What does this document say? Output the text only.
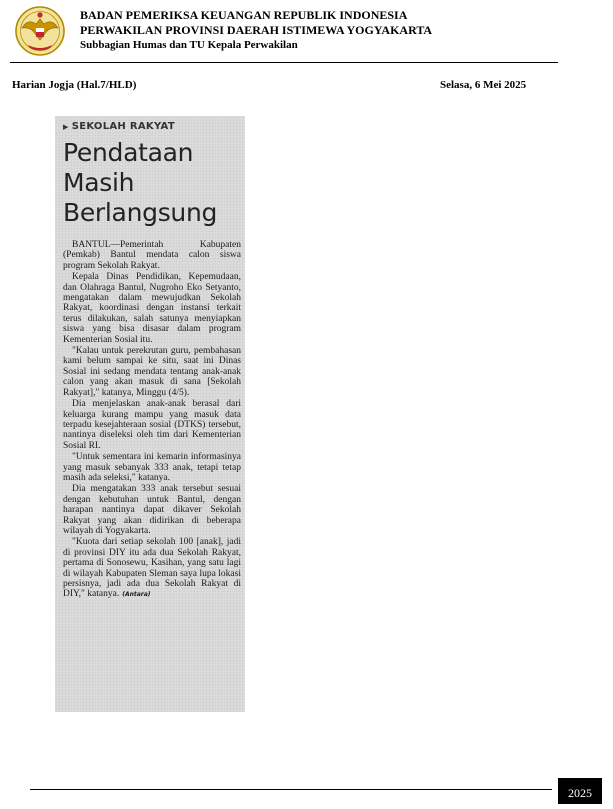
BADAN PEMERIKSA KEUANGAN REPUBLIK INDONESIA
PERWAKILAN PROVINSI DAERAH ISTIMEWA YOGYAKARTA
Subbagian Humas dan TU Kepala Perwakilan
Harian Jogja (Hal.7/HLD)	Selasa, 6 Mei 2025
▶ SEKOLAH RAKYAT
Pendataan
Masih
Berlangsung

BANTUL—Pemerintah Kabupaten (Pemkab) Bantul mendata calon siswa program Sekolah Rakyat.

Kepala Dinas Pendidikan, Kepemudaan, dan Olahraga Bantul, Nugroho Eko Setyanto, mengatakan dalam mewujudkan Sekolah Rakyat, koordinasi dengan instansi terkait terus dilakukan, salah satunya menyiapkan siswa yang bisa disasar dalam program Kementerian Sosial itu.

"Kalau untuk perekrutan guru, pembahasan kami belum sampai ke situ, saat ini Dinas Sosial ini sedang mendata tentang anak-anak calon yang akan masuk di sana [Sekolah Rakyat]," katanya, Minggu (4/5).

Dia menjelaskan anak-anak berasal dari keluarga kurang mampu yang masuk data terpadu kesejahteraan sosial (DTKS) tersebut, nantinya diseleksi oleh tim dari Kementerian Sosial RI.

"Untuk sementara ini kemarin informasinya yang masuk sebanyak 333 anak, tetapi tetap masih ada seleksi," katanya.

Dia mengatakan 333 anak tersebut sesuai dengan kebutuhan untuk Bantul, dengan harapan nantinya dapat dikaver Sekolah Rakyat yang akan didirikan di beberapa wilayah di Yogyakarta.

"Kuota dari setiap sekolah 100 [anak], jadi di provinsi DIY itu ada dua Sekolah Rakyat, pertama di Sonosewu, Kasihan, yang satu lagi di wilayah Kabupaten Sleman saya lupa lokasi persisnya, jadi ada dua Sekolah Rakyat di DIY," katanya. (Antara)

2025
